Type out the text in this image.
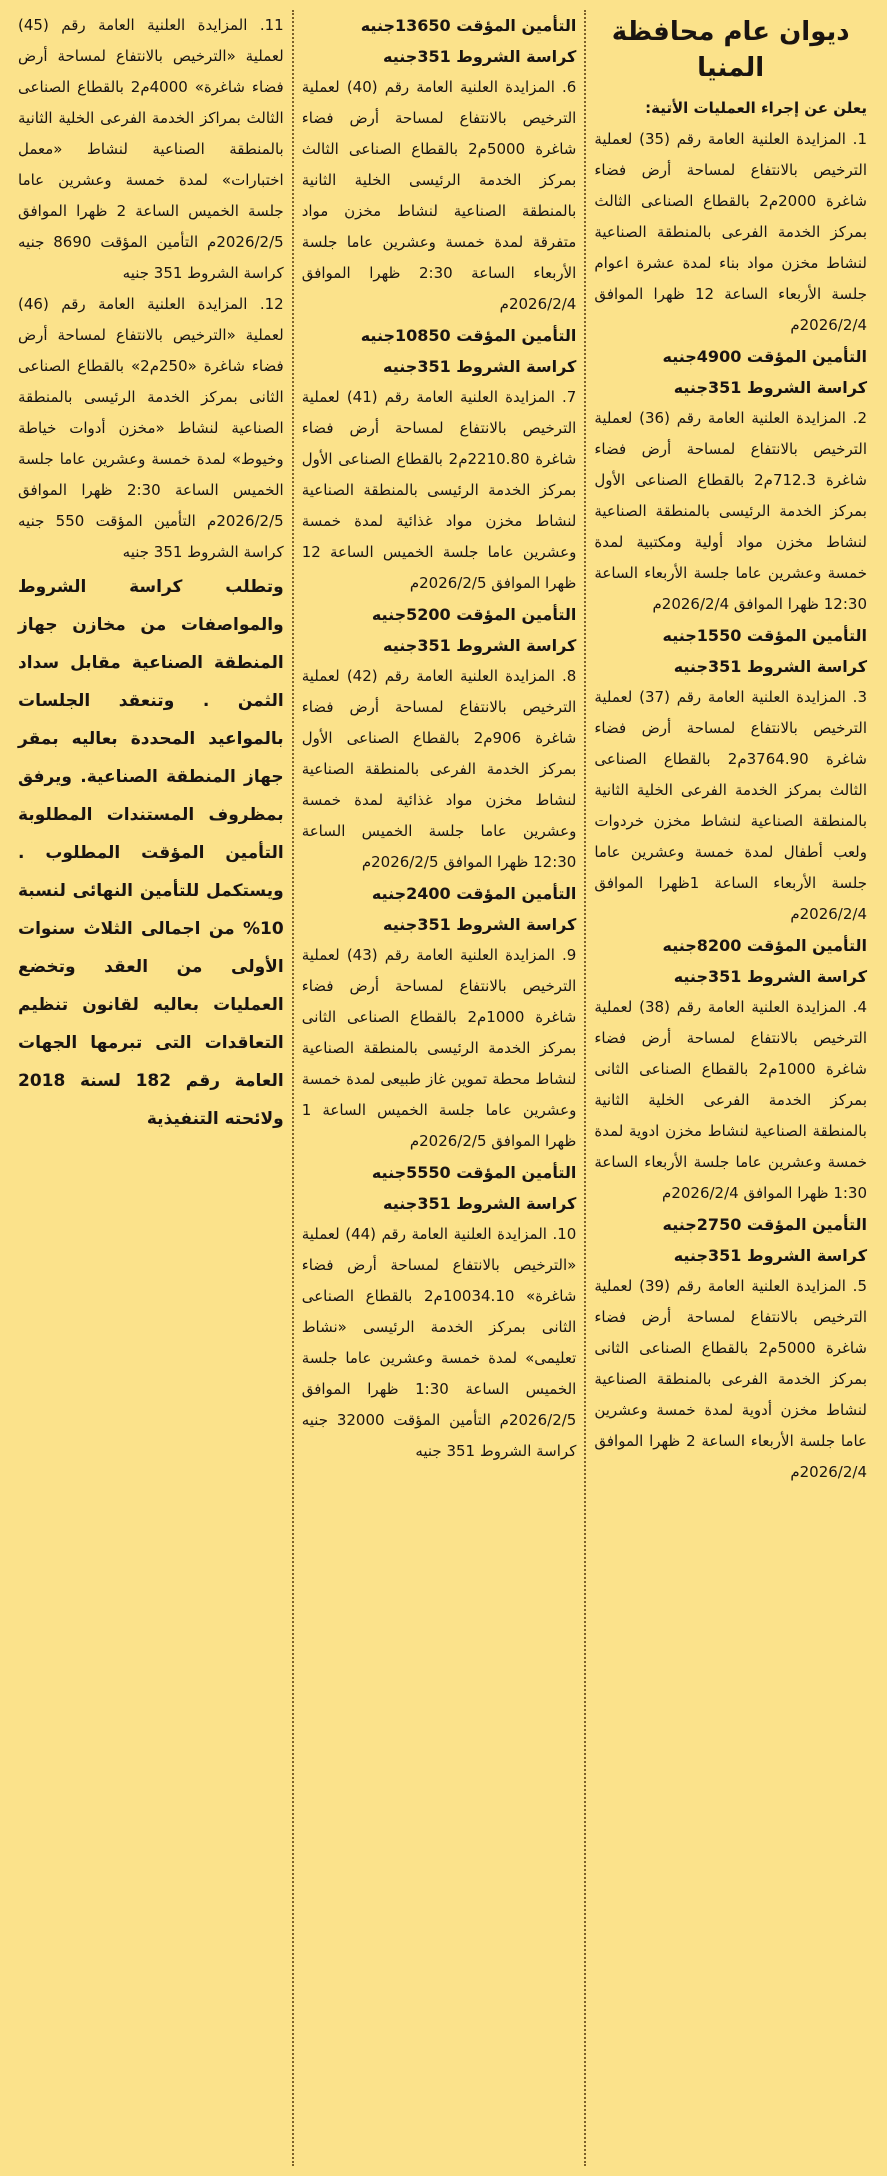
ديوان عام محافظة المنيا

يعلن عن إجراء العمليات الأتية:

1. المزايدة العلنية العامة رقم (35) لعملية الترخيص بالانتفاع لمساحة أرض فضاء شاغرة 2000م2 بالقطاع الصناعى الثالث بمركز الخدمة الفرعى بالمنطقة الصناعية لنشاط مخزن مواد بناء لمدة عشرة اعوام جلسة الأربعاء الساعة 12 ظهرا الموافق 2026/2/4م

التأمين المؤقت 4900جنيه

كراسة الشروط 351جنيه

2. المزايدة العلنية العامة رقم (36) لعملية الترخيص بالانتفاع لمساحة أرض فضاء شاغرة 712.3م2 بالقطاع الصناعى الأول بمركز الخدمة الرئيسى بالمنطقة الصناعية لنشاط مخزن مواد أولية ومكتبية لمدة خمسة وعشرين عاما جلسة الأربعاء الساعة 12:30 ظهرا الموافق 2026/2/4م

التأمين المؤقت 1550جنيه

كراسة الشروط 351جنيه

3. المزايدة العلنية العامة رقم (37) لعملية الترخيص بالانتفاع لمساحة أرض فضاء شاغرة 3764.90م2 بالقطاع الصناعى الثالث بمركز الخدمة الفرعى الخلية الثانية بالمنطقة الصناعية لنشاط مخزن خردوات ولعب أطفال لمدة خمسة وعشرين عاما جلسة الأربعاء الساعة 1ظهرا الموافق 2026/2/4م

التأمين المؤقت 8200جنيه

كراسة الشروط 351جنيه

4. المزايدة العلنية العامة رقم (38) لعملية الترخيص بالانتفاع لمساحة أرض فضاء شاغرة 1000م2 بالقطاع الصناعى الثانى بمركز الخدمة الفرعى الخلية الثانية بالمنطقة الصناعية لنشاط مخزن ادوية لمدة خمسة وعشرين عاما جلسة الأربعاء الساعة 1:30 ظهرا الموافق 2026/2/4م

التأمين المؤقت 2750جنيه

كراسة الشروط 351جنيه

5. المزايدة العلنية العامة رقم (39) لعملية الترخيص بالانتفاع لمساحة أرض فضاء شاغرة 5000م2 بالقطاع الصناعى الثانى بمركز الخدمة الفرعى بالمنطقة الصناعية لنشاط مخزن أدوية لمدة خمسة وعشرين عاما جلسة الأربعاء الساعة 2 ظهرا الموافق 2026/2/4م

التأمين المؤقت 13650جنيه

كراسة الشروط 351جنيه

6. المزايدة العلنية العامة رقم (40) لعملية الترخيص بالانتفاع لمساحة أرض فضاء شاغرة 5000م2 بالقطاع الصناعى الثالث بمركز الخدمة الرئيسى الخلية الثانية بالمنطقة الصناعية لنشاط مخزن مواد متفرقة لمدة خمسة وعشرين عاما جلسة الأربعاء الساعة 2:30 ظهرا الموافق 2026/2/4م

التأمين المؤقت 10850جنيه

كراسة الشروط 351جنيه

7. المزايدة العلنية العامة رقم (41) لعملية الترخيص بالانتفاع لمساحة أرض فضاء شاغرة 2210.80م2 بالقطاع الصناعى الأول بمركز الخدمة الرئيسى بالمنطقة الصناعية لنشاط مخزن مواد غذائية لمدة خمسة وعشرين عاما جلسة الخميس الساعة 12 ظهرا الموافق 2026/2/5م

التأمين المؤقت 5200جنيه

كراسة الشروط 351جنيه

8. المزايدة العلنية العامة رقم (42) لعملية الترخيص بالانتفاع لمساحة أرض فضاء شاغرة 906م2 بالقطاع الصناعى الأول بمركز الخدمة الفرعى بالمنطقة الصناعية لنشاط مخزن مواد غذائية لمدة خمسة وعشرين عاما جلسة الخميس الساعة 12:30 ظهرا الموافق 2026/2/5م

التأمين المؤقت 2400جنيه

كراسة الشروط 351جنيه

9. المزايدة العلنية العامة رقم (43) لعملية الترخيص بالانتفاع لمساحة أرض فضاء شاغرة 1000م2 بالقطاع الصناعى الثانى بمركز الخدمة الرئيسى بالمنطقة الصناعية لنشاط محطة تموين غاز طبيعى لمدة خمسة وعشرين عاما جلسة الخميس الساعة 1 ظهرا الموافق 2026/2/5م

التأمين المؤقت 5550جنيه

كراسة الشروط 351جنيه

10. المزايدة العلنية العامة رقم (44) لعملية «الترخيص بالانتفاع لمساحة أرض فضاء شاغرة» 10034.10م2 بالقطاع الصناعى الثانى بمركز الخدمة الرئيسى «نشاط تعليمى» لمدة خمسة وعشرين عاما جلسة الخميس الساعة 1:30 ظهرا الموافق 2026/2/5م التأمين المؤقت 32000 جنيه كراسة الشروط 351 جنيه

11. المزايدة العلنية العامة رقم (45) لعملية «الترخيص بالانتفاع لمساحة أرض فضاء شاغرة» 4000م2 بالقطاع الصناعى الثالث بمراكز الخدمة الفرعى الخلية الثانية بالمنطقة الصناعية لنشاط «معمل اختبارات» لمدة خمسة وعشرين عاما جلسة الخميس الساعة 2 ظهرا الموافق 2026/2/5م التأمين المؤقت 8690 جنيه كراسة الشروط 351 جنيه

12. المزايدة العلنية العامة رقم (46) لعملية «الترخيص بالانتفاع لمساحة أرض فضاء شاغرة «250م2» بالقطاع الصناعى الثانى بمركز الخدمة الرئيسى بالمنطقة الصناعية لنشاط «مخزن أدوات خياطة وخيوط» لمدة خمسة وعشرين عاما جلسة الخميس الساعة 2:30 ظهرا الموافق 2026/2/5م التأمين المؤقت 550 جنيه كراسة الشروط 351 جنيه

وتطلب كراسة الشروط والمواصفات من مخازن جهاز المنطقة الصناعية مقابل سداد الثمن . وتنعقد الجلسات بالمواعيد المحددة بعاليه بمقر جهاز المنطقة الصناعية. ويرفق بمظروف المستندات المطلوبة التأمين المؤقت المطلوب . ويستكمل للتأمين النهائى لنسبة 10% من اجمالى الثلاث سنوات الأولى من العقد وتخضع العمليات بعاليه لقانون تنظيم التعاقدات التى تبرمها الجهات العامة رقم 182 لسنة 2018 ولائحته التنفيذية
